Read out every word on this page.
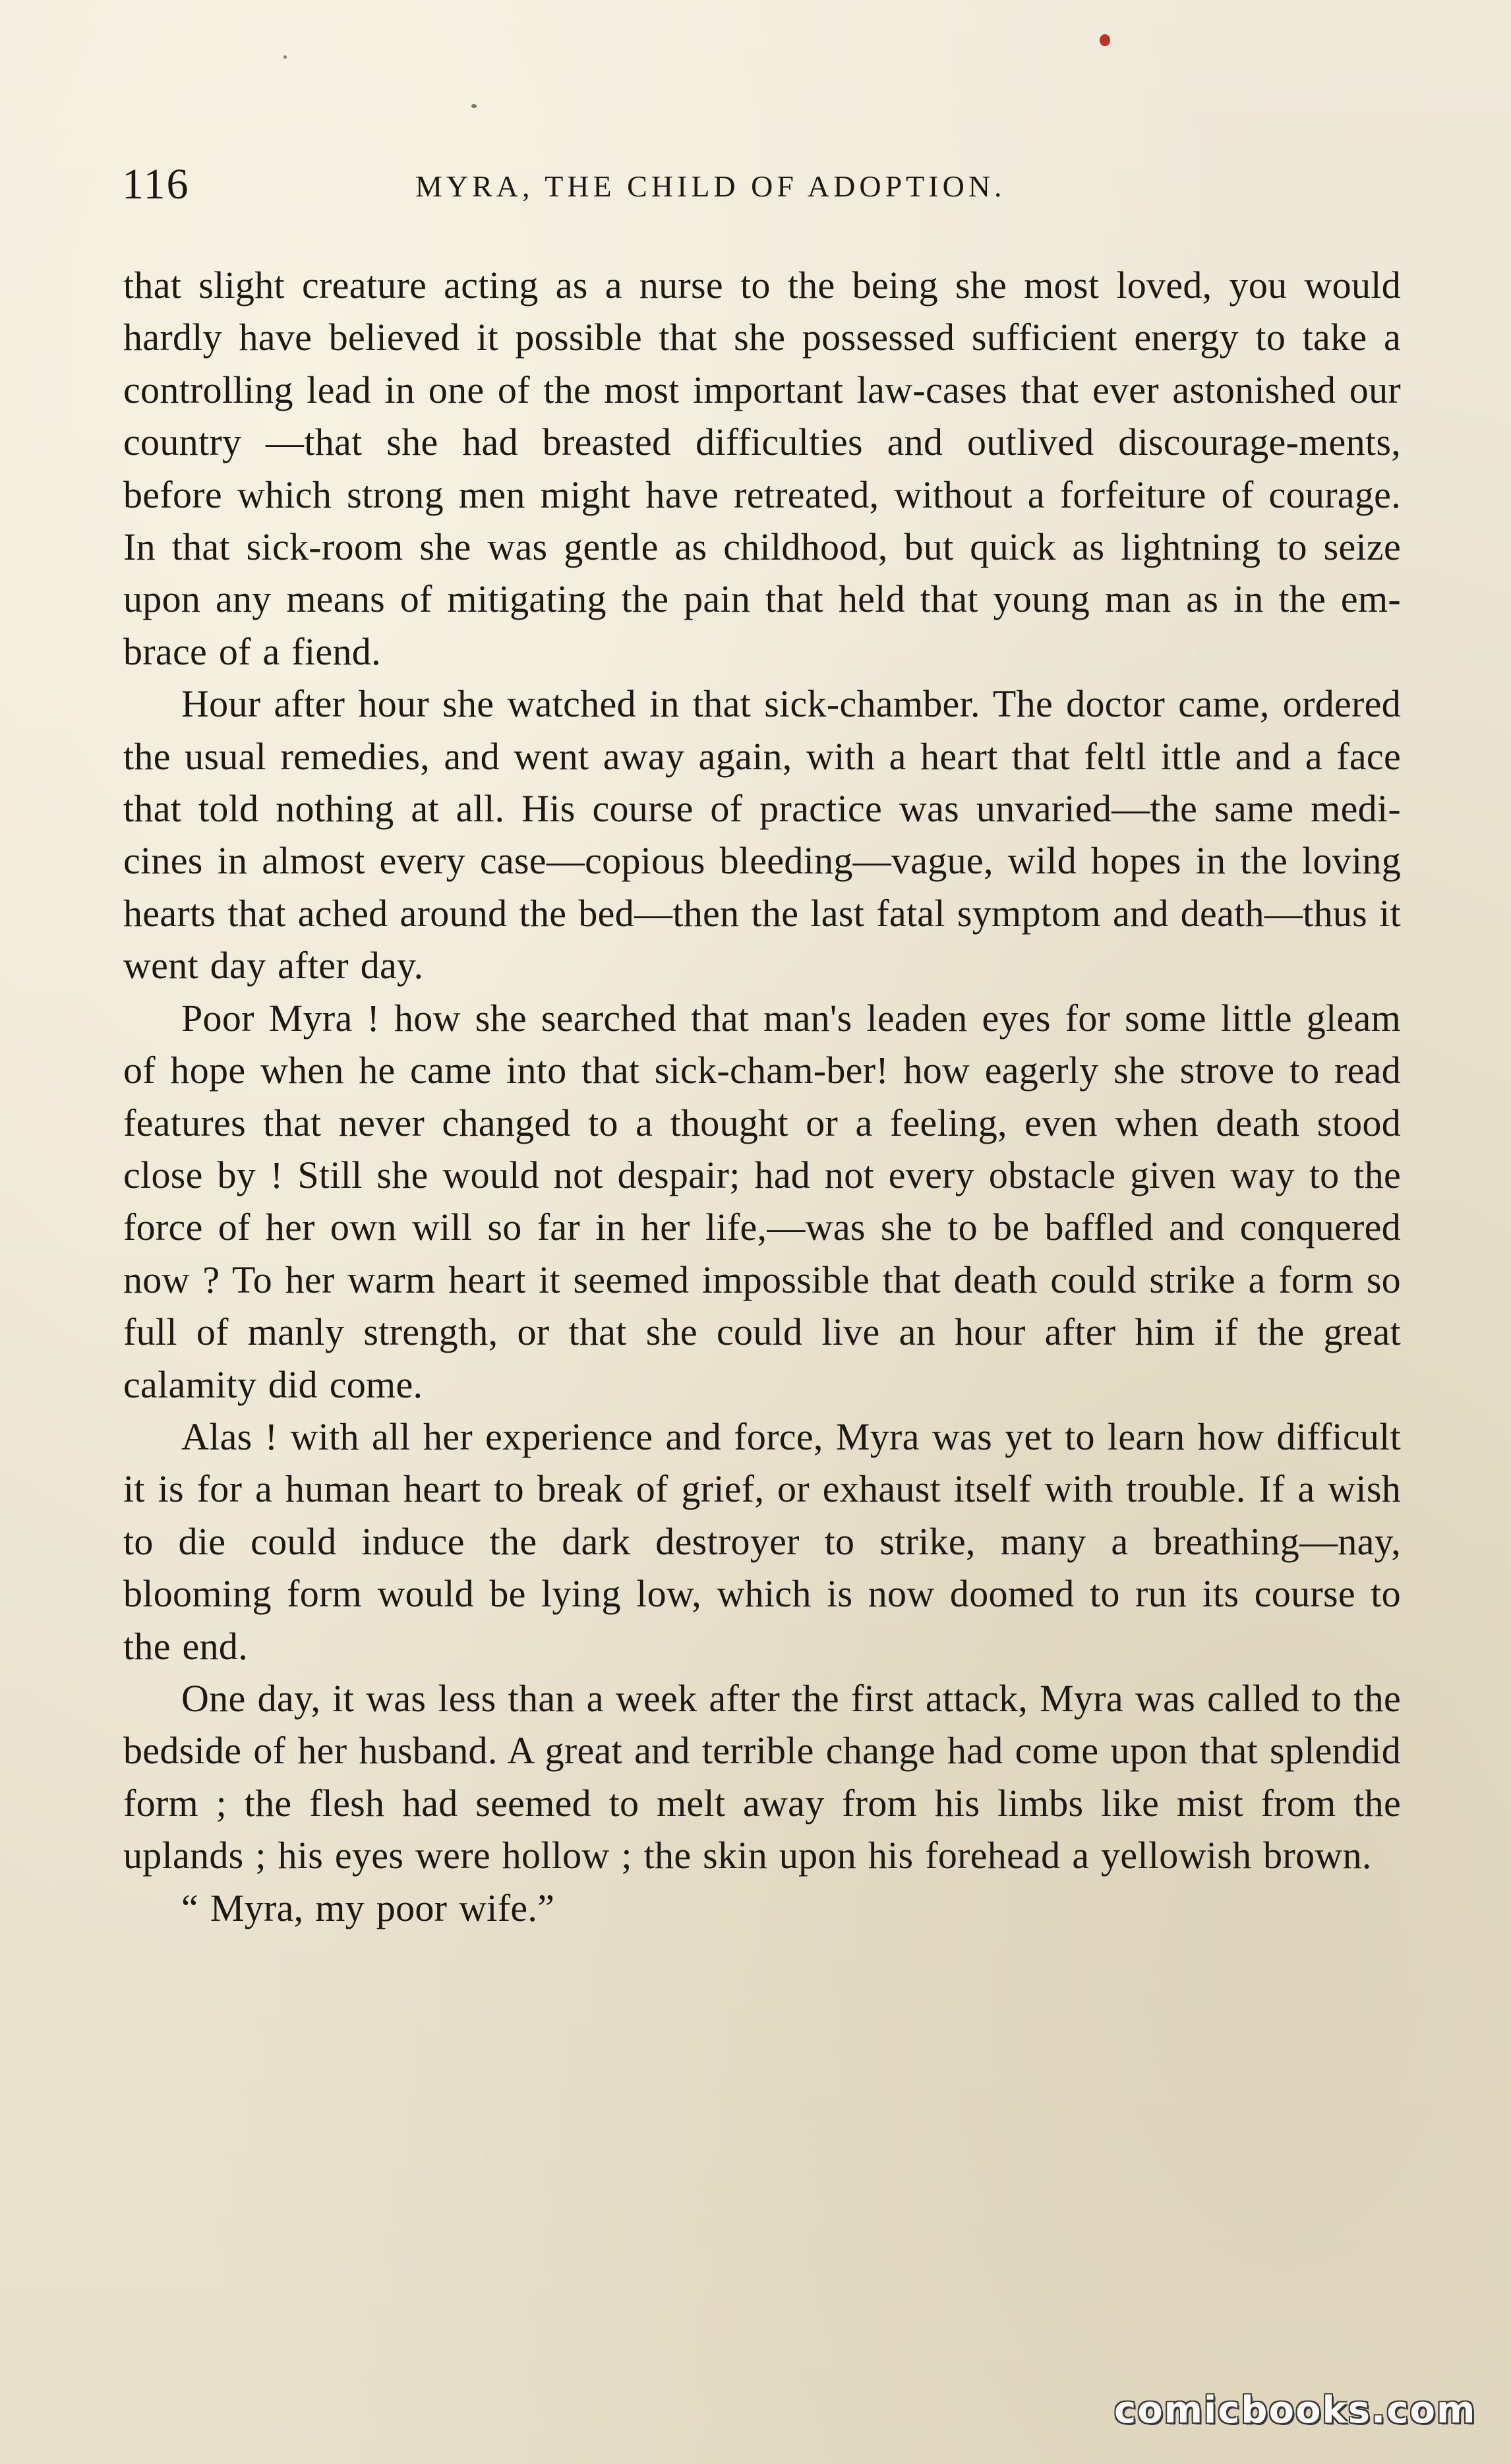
116	MYRA, THE CHILD OF ADOPTION.

that slight creature acting as a nurse to the being she most loved, you would hardly have believed it possible that she possessed sufficient energy to take a controlling lead in one of the most important law-cases that ever astonished our country —that she had breasted difficulties and outlived discourage-ments, before which strong men might have retreated, without a forfeiture of courage. In that sick-room she was gentle as childhood, but quick as lightning to seize upon any means of mitigating the pain that held that young man as in the em-brace of a fiend.

Hour after hour she watched in that sick-chamber. The doctor came, ordered the usual remedies, and went away again, with a heart that feltl ittle and a face that told nothing at all. His course of practice was unvaried—the same medi-cines in almost every case—copious bleeding—vague, wild hopes in the loving hearts that ached around the bed—then the last fatal symptom and death—thus it went day after day.

Poor Myra ! how she searched that man's leaden eyes for some little gleam of hope when he came into that sick-cham-ber! how eagerly she strove to read features that never changed to a thought or a feeling, even when death stood close by ! Still she would not despair; had not every obstacle given way to the force of her own will so far in her life,—was she to be baffled and conquered now ? To her warm heart it seemed impossible that death could strike a form so full of manly strength, or that she could live an hour after him if the great calamity did come.

Alas ! with all her experience and force, Myra was yet to learn how difficult it is for a human heart to break of grief, or exhaust itself with trouble. If a wish to die could induce the dark destroyer to strike, many a breathing—nay, blooming form would be lying low, which is now doomed to run its course to the end.

One day, it was less than a week after the first attack, Myra was called to the bedside of her husband. A great and terrible change had come upon that splendid form ; the flesh had seemed to melt away from his limbs like mist from the uplands ; his eyes were hollow ; the skin upon his forehead a yellowish brown.

“ Myra, my poor wife.”

comicbooks.com
